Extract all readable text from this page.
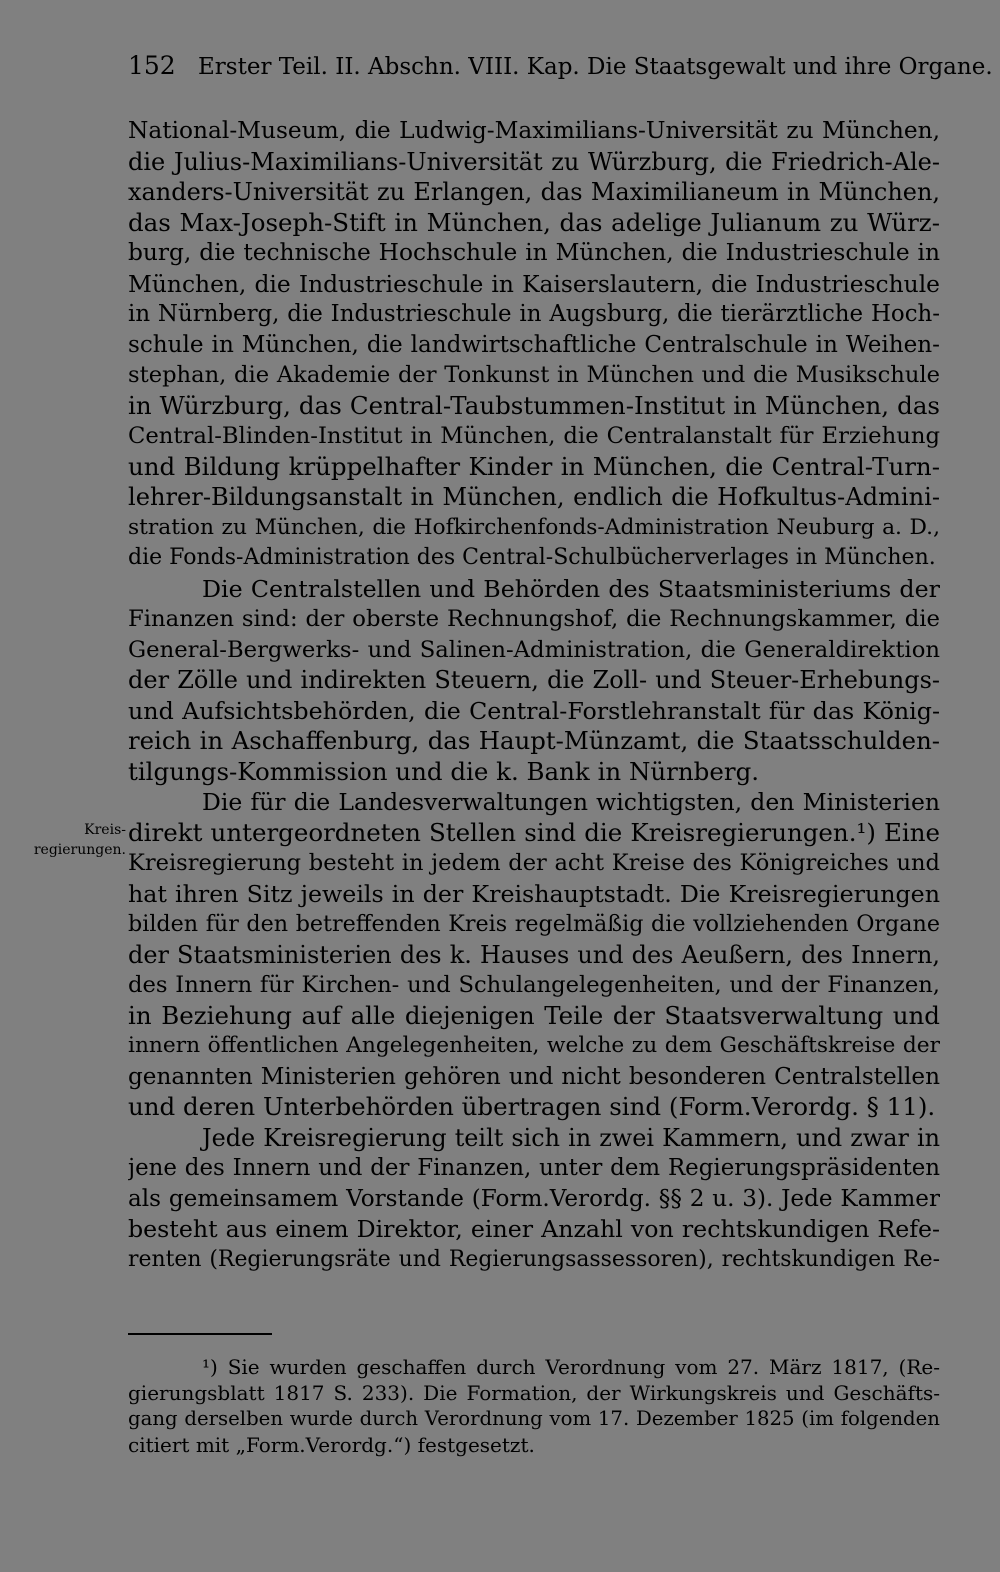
152 Erster Teil. II. Abschn. VIII. Kap. Die Staatsgewalt und ihre Organe.
Kreis-
regierungen.
National-Museum, die Ludwig-Maximilians-Universität zu München,
die Julius-Maximilians-Universität zu Würzburg, die Friedrich-Ale-
xanders-Universität zu Erlangen, das Maximilianeum in München,
das Max-Joseph-Stift in München, das adelige Julianum zu Würz-
burg, die technische Hochschule in München, die Industrieschule in
München, die Industrieschule in Kaiserslautern, die Industrieschule
in Nürnberg, die Industrieschule in Augsburg, die tierärztliche Hoch-
schule in München, die landwirtschaftliche Centralschule in Weihen-
stephan, die Akademie der Tonkunst in München und die Musikschule
in Würzburg, das Central-Taubstummen-Institut in München, das
Central-Blinden-Institut in München, die Centralanstalt für Erziehung
und Bildung krüppelhafter Kinder in München, die Central-Turn-
lehrer-Bildungsanstalt in München, endlich die Hofkultus-Admini-
stration zu München, die Hofkirchenfonds-Administration Neuburg a. D.,
die Fonds-Administration des Central-Schulbücherverlages in München.
Die Centralstellen und Behörden des Staatsministeriums der
Finanzen sind: der oberste Rechnungshof, die Rechnungskammer, die
General-Bergwerks- und Salinen-Administration, die Generaldirektion
der Zölle und indirekten Steuern, die Zoll- und Steuer-Erhebungs-
und Aufsichtsbehörden, die Central-Forstlehranstalt für das König-
reich in Aschaffenburg, das Haupt-Münzamt, die Staatsschulden-
tilgungs-Kommission und die k. Bank in Nürnberg.
Die für die Landesverwaltungen wichtigsten, den Ministerien
direkt untergeordneten Stellen sind die Kreisregierungen.¹) Eine
Kreisregierung besteht in jedem der acht Kreise des Königreiches und
hat ihren Sitz jeweils in der Kreishauptstadt. Die Kreisregierungen
bilden für den betreffenden Kreis regelmäßig die vollziehenden Organe
der Staatsministerien des k. Hauses und des Aeußern, des Innern,
des Innern für Kirchen- und Schulangelegenheiten, und der Finanzen,
in Beziehung auf alle diejenigen Teile der Staatsverwaltung und
innern öffentlichen Angelegenheiten, welche zu dem Geschäftskreise der
genannten Ministerien gehören und nicht besonderen Centralstellen
und deren Unterbehörden übertragen sind (Form.Verordg. § 11).
Jede Kreisregierung teilt sich in zwei Kammern, und zwar in
jene des Innern und der Finanzen, unter dem Regierungspräsidenten
als gemeinsamem Vorstande (Form.Verordg. §§ 2 u. 3). Jede Kammer
besteht aus einem Direktor, einer Anzahl von rechtskundigen Refe-
renten (Regierungsräte und Regierungsassessoren), rechtskundigen Re-
¹) Sie wurden geschaffen durch Verordnung vom 27. März 1817, (Re-
gierungsblatt 1817 S. 233). Die Formation, der Wirkungskreis und Geschäfts-
gang derselben wurde durch Verordnung vom 17. Dezember 1825 (im folgenden
citiert mit „Form.Verordg.“) festgesetzt.
